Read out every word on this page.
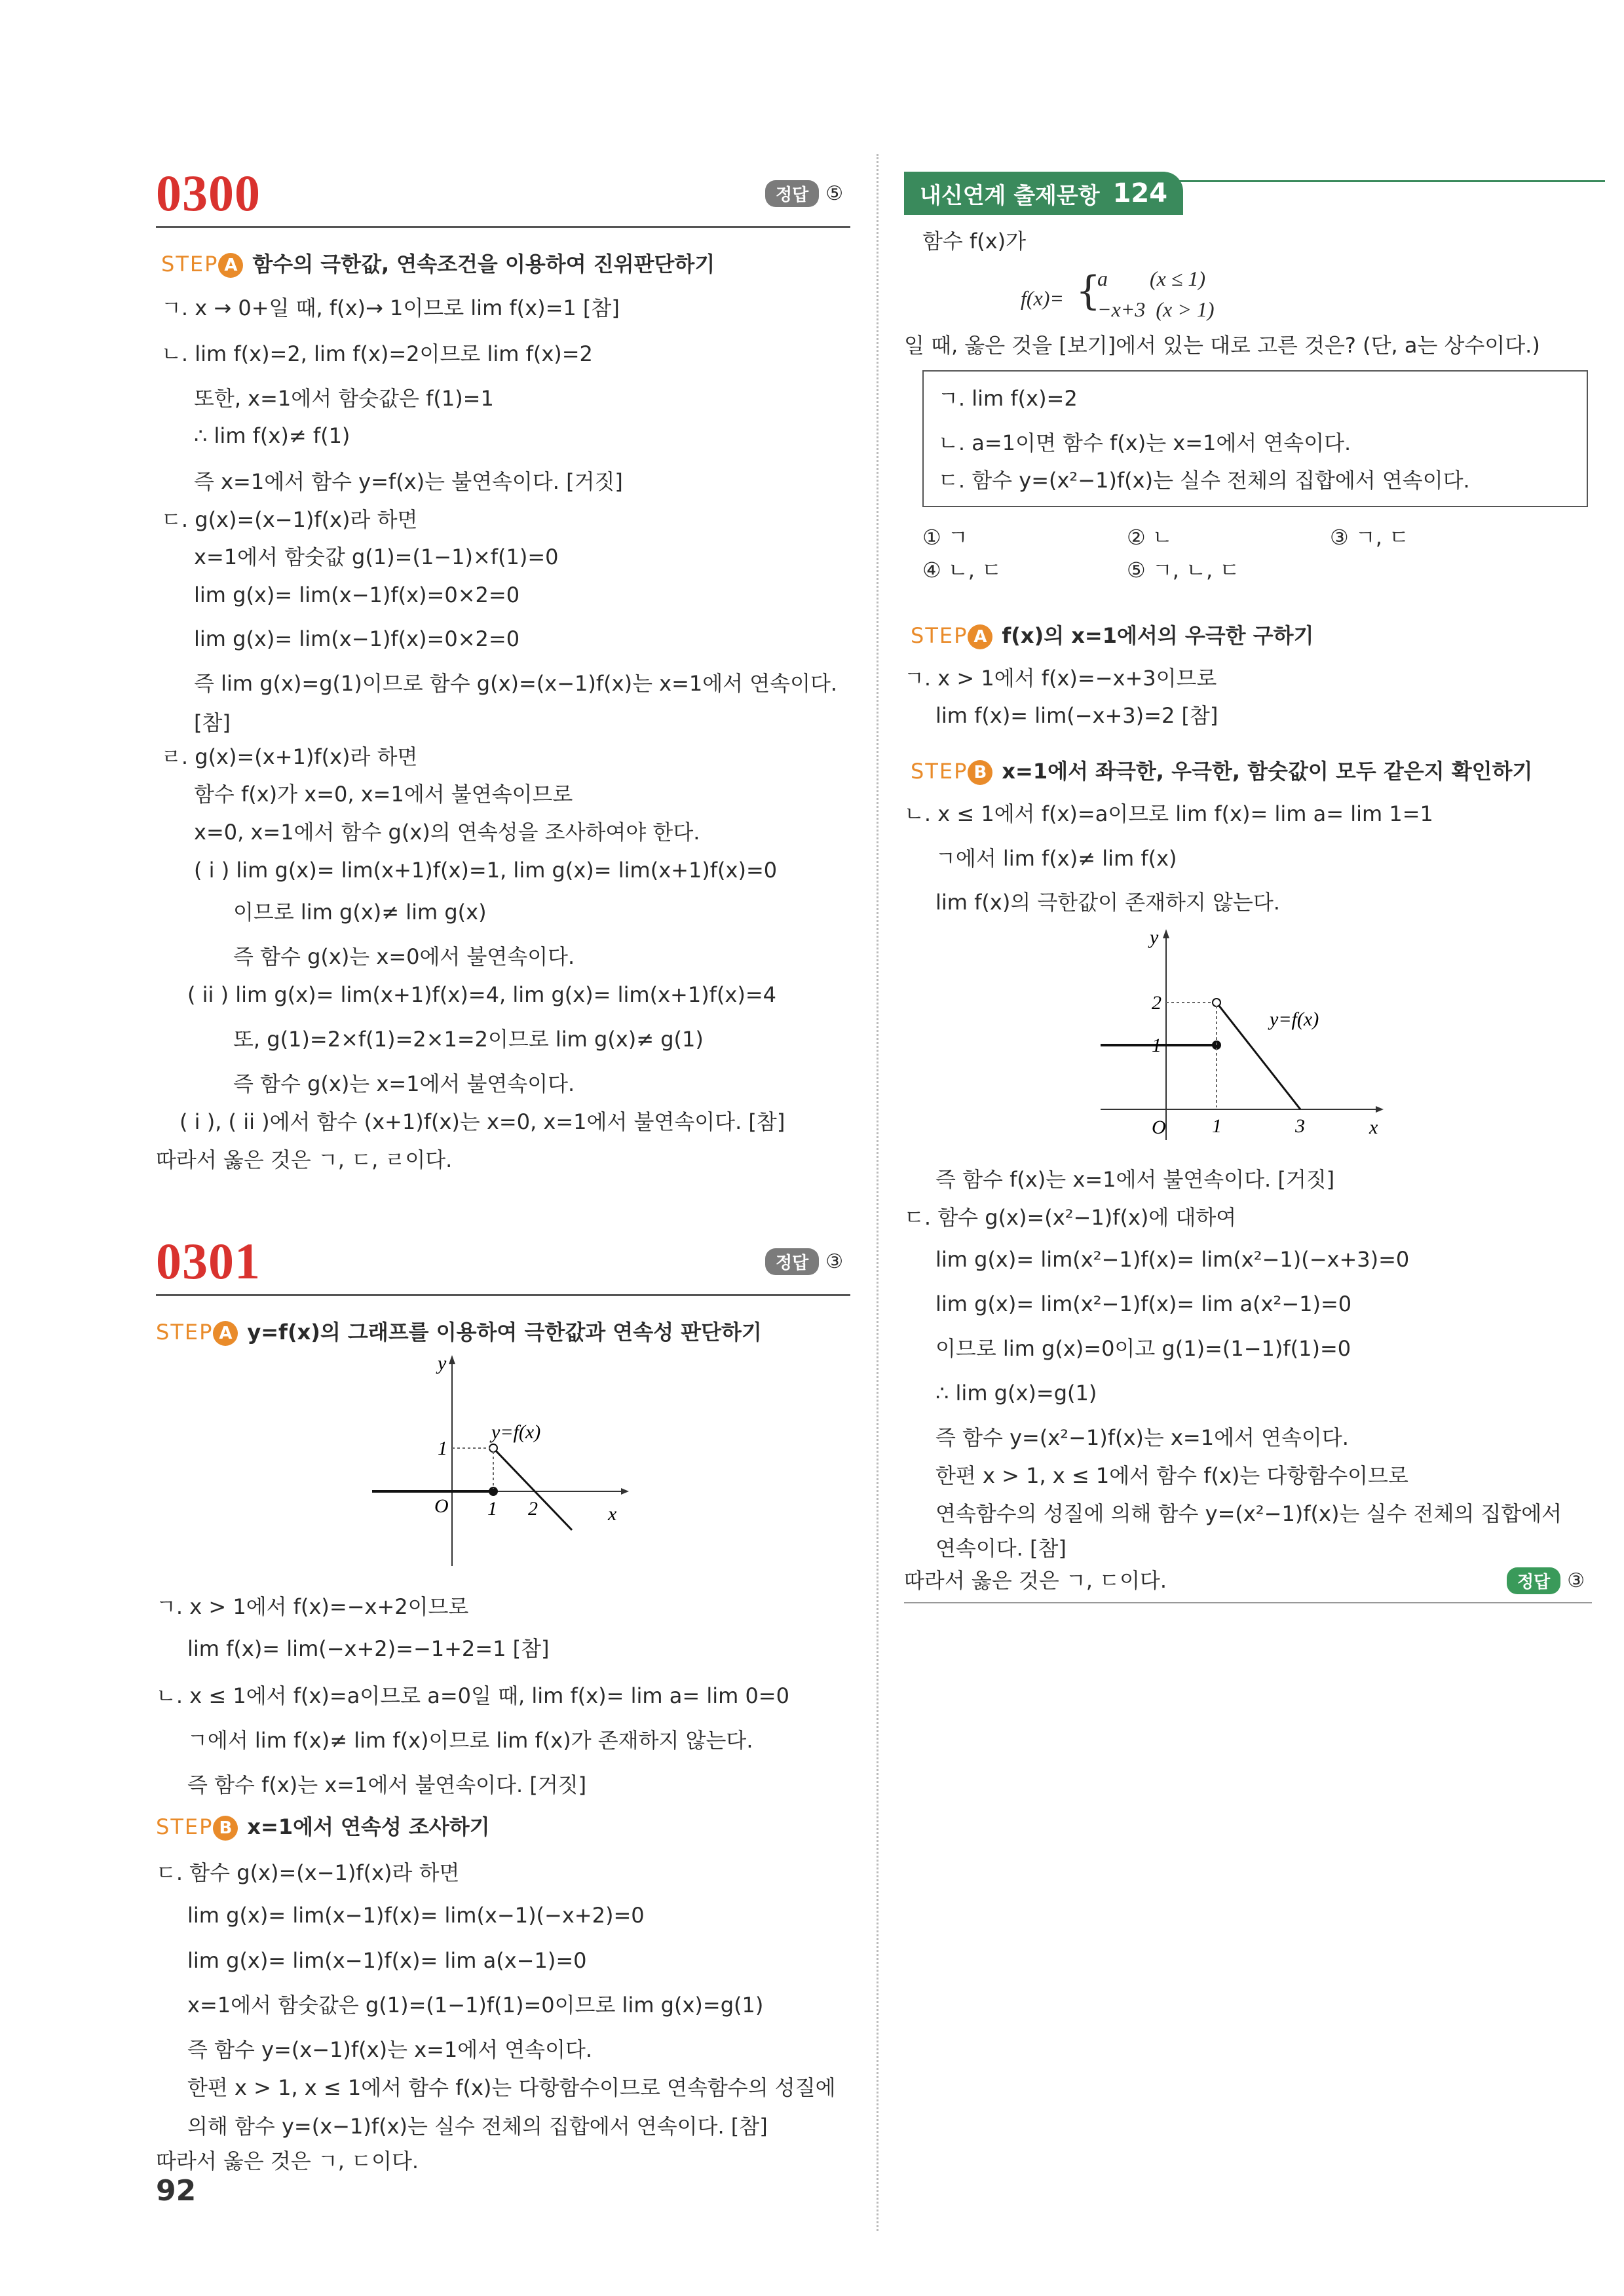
0300	정답 ⑤
STEP A 함수의 극한값, 연속조건을 이용하여 진위판단하기
ㄱ. x → 0+일 때, f(x)→ 1이므로 lim f(x)=1 [참]
ㄴ. lim f(x)=2, lim f(x)=2이므로 lim f(x)=2
또한, x=1에서 함숫값은 f(1)=1
∴ lim f(x)≠ f(1)
즉 x=1에서 함수 y=f(x)는 불연속이다. [거짓]
ㄷ. g(x)=(x−1)f(x)라 하면
x=1에서 함숫값 g(1)=(1−1)×f(1)=0
lim g(x)= lim(x−1)f(x)=0×2=0
lim g(x)= lim(x−1)f(x)=0×2=0
즉 lim g(x)=g(1)이므로 함수 g(x)=(x−1)f(x)는 x=1에서 연속이다.
[참]
ㄹ. g(x)=(x+1)f(x)라 하면
함수 f(x)가 x=0, x=1에서 불연속이므로
x=0, x=1에서 함수 g(x)의 연속성을 조사하여야 한다.
( i ) lim g(x)= lim(x+1)f(x)=1, lim g(x)= lim(x+1)f(x)=0
이므로 lim g(x)≠ lim g(x)
즉 함수 g(x)는 x=0에서 불연속이다.
( ii ) lim g(x)= lim(x+1)f(x)=4, lim g(x)= lim(x+1)f(x)=4
또, g(1)=2×f(1)=2×1=2이므로 lim g(x)≠ g(1)
즉 함수 g(x)는 x=1에서 불연속이다.
( i ), ( ii )에서 함수 (x+1)f(x)는 x=0, x=1에서 불연속이다. [참]
따라서 옳은 것은 ㄱ, ㄷ, ㄹ이다.
0301	정답 ③
STEP A y=f(x)의 그래프를 이용하여 극한값과 연속성 판단하기
y
x
O 1 2
1
y=f(x)
ㄱ. x > 1에서 f(x)=−x+2이므로
lim f(x)= lim(−x+2)=−1+2=1 [참]
ㄴ. x ≤ 1에서 f(x)=a이므로 a=0일 때, lim f(x)= lim a= lim 0=0
ㄱ에서 lim f(x)≠ lim f(x)이므로 lim f(x)가 존재하지 않는다.
즉 함수 f(x)는 x=1에서 불연속이다. [거짓]
STEP B x=1에서 연속성 조사하기
ㄷ. 함수 g(x)=(x−1)f(x)라 하면
lim g(x)= lim(x−1)f(x)= lim(x−1)(−x+2)=0
lim g(x)= lim(x−1)f(x)= lim a(x−1)=0
x=1에서 함숫값은 g(1)=(1−1)f(1)=0이므로 lim g(x)=g(1)
즉 함수 y=(x−1)f(x)는 x=1에서 연속이다.
한편 x > 1, x ≤ 1에서 함수 f(x)는 다항함수이므로 연속함수의 성질에
의해 함수 y=(x−1)f(x)는 실수 전체의 집합에서 연속이다. [참]
따라서 옳은 것은 ㄱ, ㄷ이다.
92
내신연계 출제문항 124
함수 f(x)가
f(x)= {
a        (x ≤ 1)
−x+3  (x > 1)
일 때, 옳은 것을 [보기]에서 있는 대로 고른 것은? (단, a는 상수이다.)
ㄱ. lim f(x)=2
ㄴ. a=1이면 함수 f(x)는 x=1에서 연속이다.
ㄷ. 함수 y=(x²−1)f(x)는 실수 전체의 집합에서 연속이다.
① ㄱ	② ㄴ	③ ㄱ, ㄷ
④ ㄴ, ㄷ	⑤ ㄱ, ㄴ, ㄷ
STEP A f(x)의 x=1에서의 우극한 구하기
ㄱ. x > 1에서 f(x)=−x+3이므로
lim f(x)= lim(−x+3)=2 [참]
STEP B x=1에서 좌극한, 우극한, 함숫값이 모두 같은지 확인하기
ㄴ. x ≤ 1에서 f(x)=a이므로 lim f(x)= lim a= lim 1=1
ㄱ에서 lim f(x)≠ lim f(x)
lim f(x)의 극한값이 존재하지 않는다.
y
x
O 1	3
1
2
y=f(x)
즉 함수 f(x)는 x=1에서 불연속이다. [거짓]
ㄷ. 함수 g(x)=(x²−1)f(x)에 대하여
lim g(x)= lim(x²−1)f(x)= lim(x²−1)(−x+3)=0
lim g(x)= lim(x²−1)f(x)= lim a(x²−1)=0
이므로 lim g(x)=0이고 g(1)=(1−1)f(1)=0
∴ lim g(x)=g(1)
즉 함수 y=(x²−1)f(x)는 x=1에서 연속이다.
한편 x > 1, x ≤ 1에서 함수 f(x)는 다항함수이므로
연속함수의 성질에 의해 함수 y=(x²−1)f(x)는 실수 전체의 집합에서
연속이다. [참]
따라서 옳은 것은 ㄱ, ㄷ이다.	정답 ③
